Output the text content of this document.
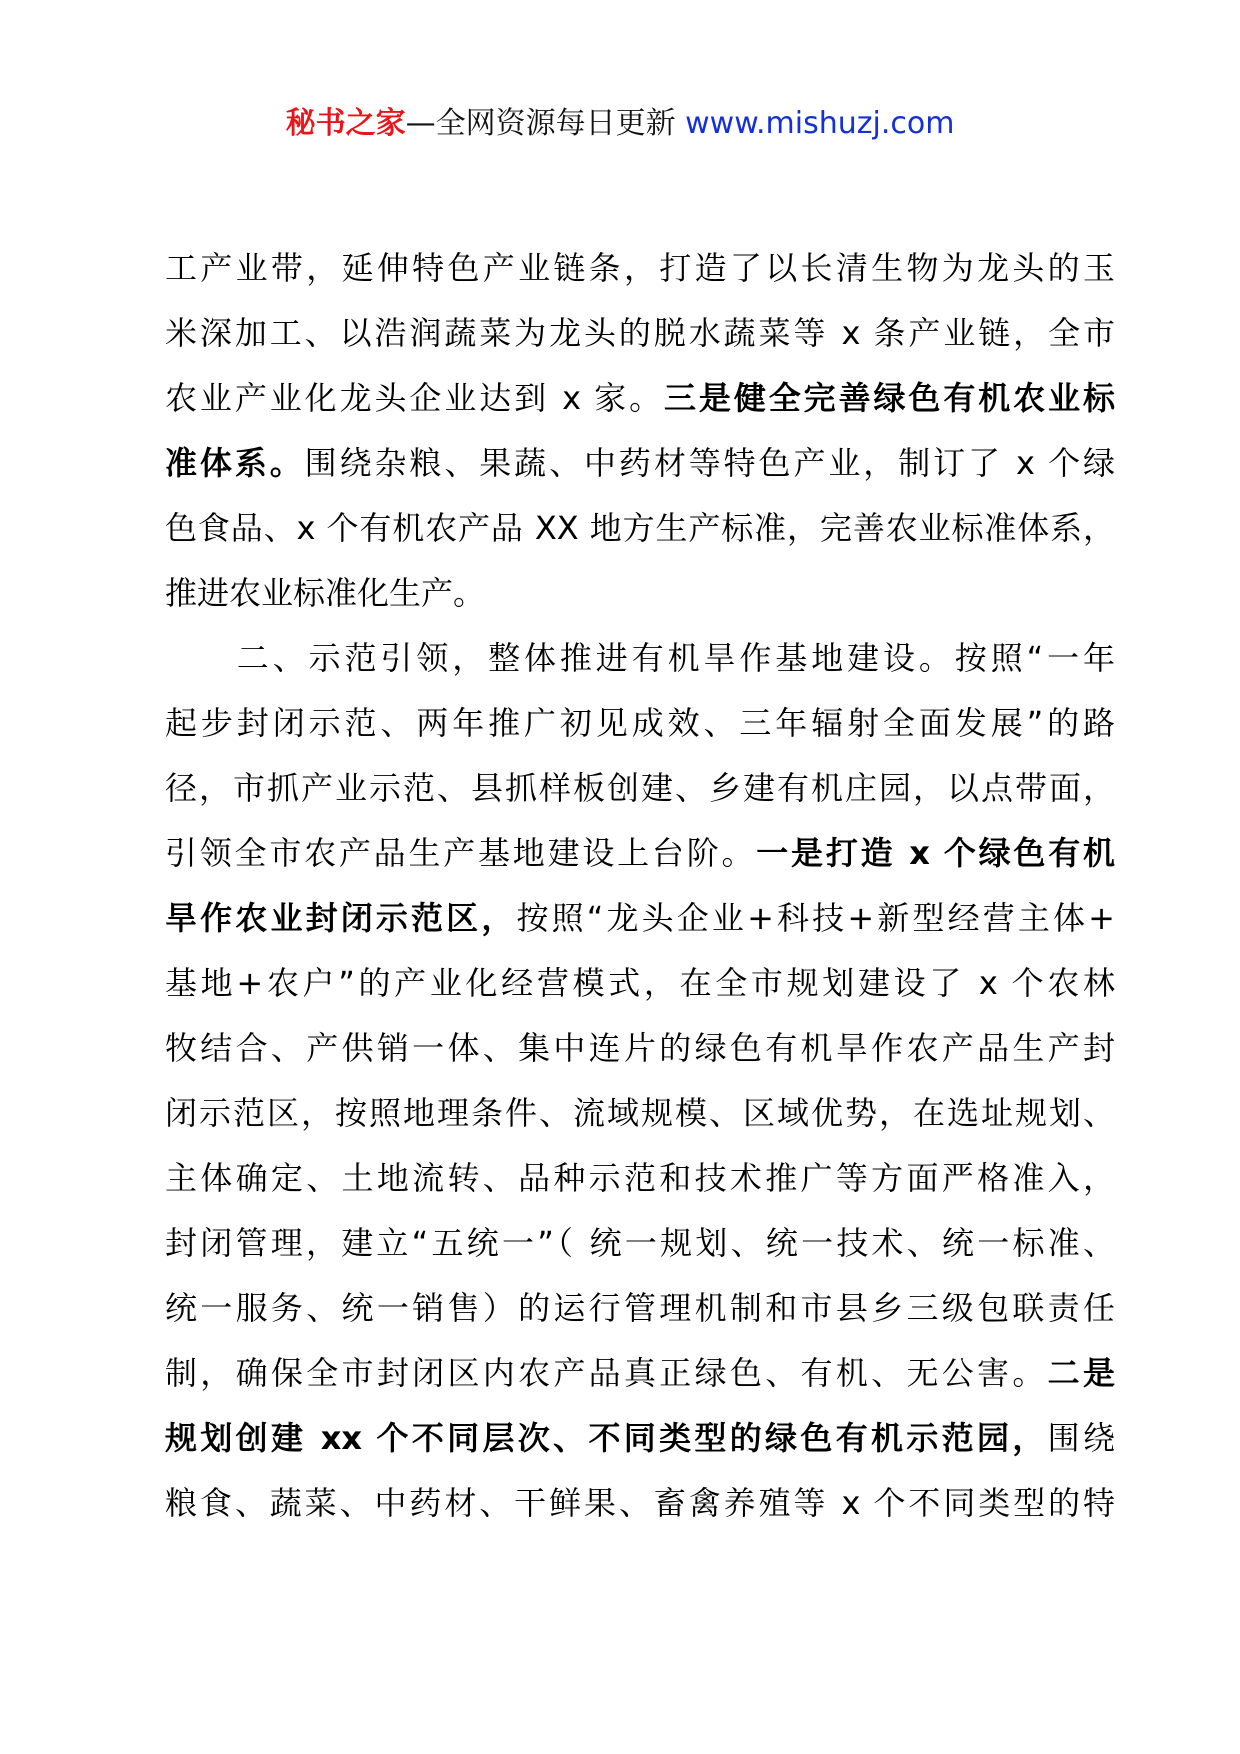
秘书之家—全网资源每日更新 www.mishuzj.com
工产业带，延伸特色产业链条，打造了以长清生物为龙头的玉
米深加工、以浩润蔬菜为龙头的脱水蔬菜等 x 条产业链，全市
农业产业化龙头企业达到 x 家。三是健全完善绿色有机农业标
准体系。围绕杂粮、果蔬、中药材等特色产业，制订了 x 个绿
色食品、x 个有机农产品 XX 地方生产标准，完善农业标准体系，
推进农业标准化生产。
　　二、示范引领，整体推进有机旱作基地建设。按照“一年
起步封闭示范、两年推广初见成效、三年辐射全面发展”的路
径，市抓产业示范、县抓样板创建、乡建有机庄园，以点带面，
引领全市农产品生产基地建设上台阶。一是打造 x 个绿色有机
旱作农业封闭示范区，按照“龙头企业+科技+新型经营主体+
基地+农户”的产业化经营模式，在全市规划建设了 x 个农林
牧结合、产供销一体、集中连片的绿色有机旱作农产品生产封
闭示范区，按照地理条件、流域规模、区域优势，在选址规划、
主体确定、土地流转、品种示范和技术推广等方面严格准入，
封闭管理，建立“五统一”（ 统一规划、统一技术、统一标准、
统一服务、统一销售）的运行管理机制和市县乡三级包联责任
制，确保全市封闭区内农产品真正绿色、有机、无公害。二是
规划创建 xx 个不同层次、不同类型的绿色有机示范园，围绕
粮食、蔬菜、中药材、干鲜果、畜禽养殖等 x 个不同类型的特
